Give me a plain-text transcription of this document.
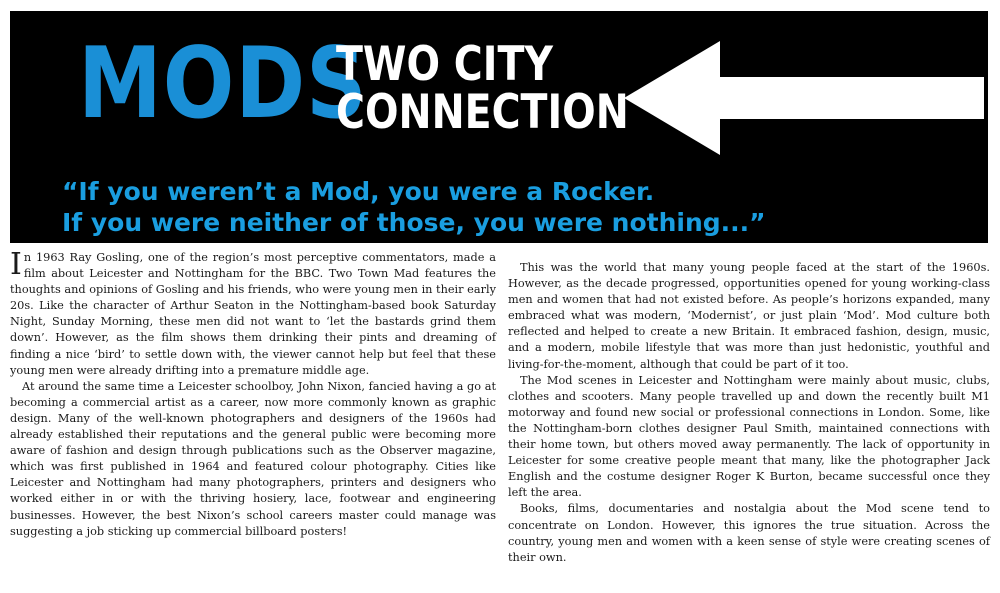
MODS
TWO CITY
CONNECTION
“If you weren’t a Mod, you were a Rocker.
If you were neither of those, you were nothing...”

In 1963 Ray Gosling, one of the region’s most perceptive commentators, made a film about Leicester and Nottingham for the BBC. Two Town Mad features the thoughts and opinions of Gosling and his friends, who were young men in their early 20s. Like the character of Arthur Seaton in the Nottingham-based book Saturday Night, Sunday Morning, these men did not want to ‘let the bastards grind them down’. However, as the film shows them drinking their pints and dreaming of finding a nice ‘bird’ to settle down with, the viewer cannot help but feel that these young men were already drifting into a premature middle age.

At around the same time a Leicester schoolboy, John Nixon, fancied having a go at becoming a commercial artist as a career, now more commonly known as graphic design. Many of the well-known photographers and designers of the 1960s had already established their reputations and the general public were becoming more aware of fashion and design through publications such as the Observer magazine, which was first published in 1964 and featured colour photography. Cities like Leicester and Nottingham had many photographers, printers and designers who worked either in or with the thriving hosiery, lace, footwear and engineering businesses. However, the best Nixon’s school careers master could manage was suggesting a job sticking up commercial billboard posters!

This was the world that many young people faced at the start of the 1960s. However, as the decade progressed, opportunities opened for young working-class men and women that had not existed before. As people’s horizons expanded, many embraced what was modern, ‘Modernist’, or just plain ‘Mod’. Mod culture both reflected and helped to create a new Britain. It embraced fashion, design, music, and a modern, mobile lifestyle that was more than just hedonistic, youthful and living-for-the-moment, although that could be part of it too.

The Mod scenes in Leicester and Nottingham were mainly about music, clubs, clothes and scooters. Many people travelled up and down the recently built M1 motorway and found new social or professional connections in London. Some, like the Nottingham-born clothes designer Paul Smith, maintained connections with their home town, but others moved away permanently. The lack of opportunity in Leicester for some creative people meant that many, like the photographer Jack English and the costume designer Roger K Burton, became successful once they left the area.

Books, films, documentaries and nostalgia about the Mod scene tend to concentrate on London. However, this ignores the true situation. Across the country, young men and women with a keen sense of style were creating scenes of their own.
